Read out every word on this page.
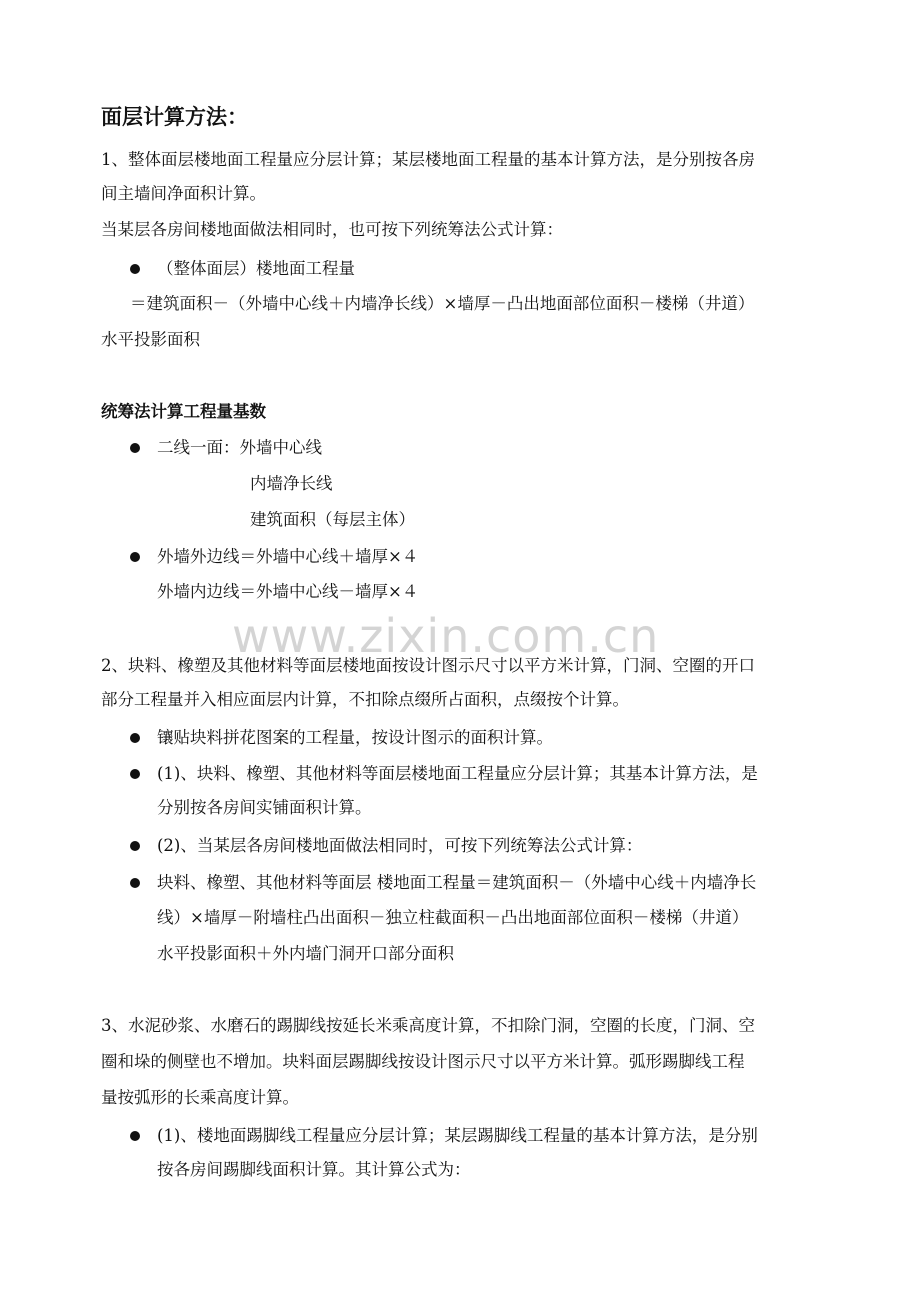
面层计算方法：
1、整体面层楼地面工程量应分层计算；某层楼地面工程量的基本计算方法，是分别按各房
间主墙间净面积计算。
当某层各房间楼地面做法相同时，也可按下列统筹法公式计算：
（整体面层）楼地面工程量
＝建筑面积－（外墙中心线＋内墙净长线）×墙厚－凸出地面部位面积－楼梯（井道）
水平投影面积
统筹法计算工程量基数
二线一面：外墙中心线
内墙净长线
建筑面积（每层主体）
外墙外边线＝外墙中心线＋墙厚×４
外墙内边线＝外墙中心线－墙厚×４
www.zixin.com.cn
2、块料、橡塑及其他材料等面层楼地面按设计图示尺寸以平方米计算，门洞、空圈的开口
部分工程量并入相应面层内计算，不扣除点缀所占面积，点缀按个计算。
镶贴块料拼花图案的工程量，按设计图示的面积计算。
(1)、块料、橡塑、其他材料等面层楼地面工程量应分层计算；其基本计算方法，是
分别按各房间实铺面积计算。
(2)、当某层各房间楼地面做法相同时，可按下列统筹法公式计算：
块料、橡塑、其他材料等面层 楼地面工程量＝建筑面积－（外墙中心线＋内墙净长
线）×墙厚－附墙柱凸出面积－独立柱截面积－凸出地面部位面积－楼梯（井道）
水平投影面积＋外内墙门洞开口部分面积
3、水泥砂浆、水磨石的踢脚线按延长米乘高度计算，不扣除门洞，空圈的长度，门洞、空
圈和垛的侧壁也不增加。块料面层踢脚线按设计图示尺寸以平方米计算。弧形踢脚线工程
量按弧形的长乘高度计算。
(1)、楼地面踢脚线工程量应分层计算；某层踢脚线工程量的基本计算方法，是分别
按各房间踢脚线面积计算。其计算公式为：
